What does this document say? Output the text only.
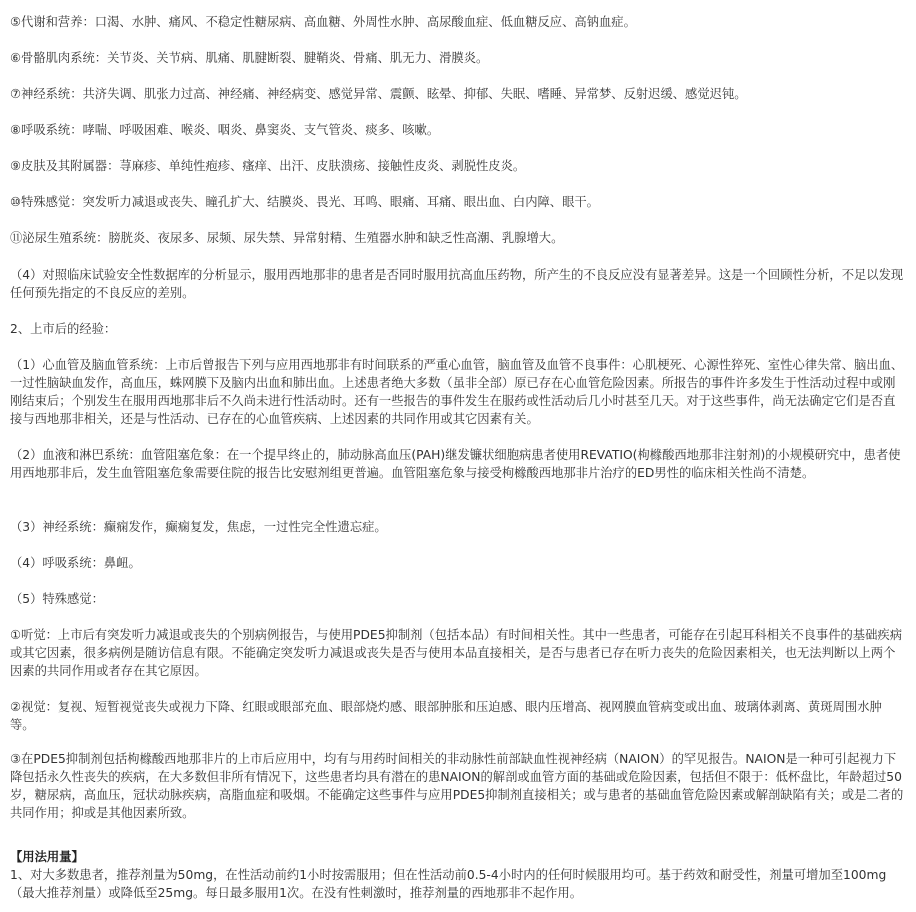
⑤代谢和营养：口渴、水肿、痛风、不稳定性糖尿病、高血糖、外周性水肿、高尿酸血症、低血糖反应、高钠血症。

⑥骨骼肌肉系统：关节炎、关节病、肌痛、肌腱断裂、腱鞘炎、骨痛、肌无力、滑膜炎。

⑦神经系统：共济失调、肌张力过高、神经痛、神经病变、感觉异常、震颤、眩晕、抑郁、失眠、嗜睡、异常梦、反射迟缓、感觉迟钝。

⑧呼吸系统：哮喘、呼吸困难、喉炎、咽炎、鼻窦炎、支气管炎、痰多、咳嗽。

⑨皮肤及其附属器：荨麻疹、单纯性疱疹、瘙痒、出汗、皮肤溃疡、接触性皮炎、剥脱性皮炎。

⑩特殊感觉：突发听力减退或丧失、瞳孔扩大、结膜炎、畏光、耳鸣、眼痛、耳痛、眼出血、白内障、眼干。

⑪泌尿生殖系统：膀胱炎、夜尿多、尿频、尿失禁、异常射精、生殖器水肿和缺乏性高潮、乳腺增大。

（4）对照临床试验安全性数据库的分析显示，服用西地那非的患者是否同时服用抗高血压药物，所产生的不良反应没有显著差异。这是一个回顾性分析，不足以发现任何预先指定的不良反应的差别。

2、上市后的经验：

（1）心血管及脑血管系统：上市后曾报告下列与应用西地那非有时间联系的严重心血管，脑血管及血管不良事件：心肌梗死、心源性猝死、室性心律失常、脑出血、一过性脑缺血发作，高血压，蛛网膜下及脑内出血和肺出血。上述患者绝大多数（虽非全部）原已存在心血管危险因素。所报告的事件许多发生于性活动过程中或刚刚结束后；个别发生在服用西地那非后不久尚未进行性活动时。还有一些报告的事件发生在服药或性活动后几小时甚至几天。对于这些事件，尚无法确定它们是否直接与西地那非相关，还是与性活动、已存在的心血管疾病、上述因素的共同作用或其它因素有关。

（2）血液和淋巴系统：血管阻塞危象：在一个提早终止的，肺动脉高血压(PAH)继发镰状细胞病患者使用REVATIO(枸橼酸西地那非注射剂)的小规模研究中，患者使用西地那非后，发生血管阻塞危象需要住院的报告比安慰剂组更普遍。血管阻塞危象与接受枸橼酸西地那非片治疗的ED男性的临床相关性尚不清楚。

（3）神经系统：癫痫发作，癫痫复发，焦虑，一过性完全性遗忘症。

（4）呼吸系统：鼻衄。

（5）特殊感觉：

①听觉：上市后有突发听力减退或丧失的个别病例报告，与使用PDE5抑制剂（包括本品）有时间相关性。其中一些患者，可能存在引起耳科相关不良事件的基础疾病或其它因素，很多病例是随访信息有限。不能确定突发听力减退或丧失是否与使用本品直接相关，是否与患者已存在听力丧失的危险因素相关，也无法判断以上两个因素的共同作用或者存在其它原因。

②视觉：复视、短暂视觉丧失或视力下降、红眼或眼部充血、眼部烧灼感、眼部肿胀和压迫感、眼内压增高、视网膜血管病变或出血、玻璃体剥离、黄斑周围水肿等。

③在PDE5抑制剂包括枸橼酸西地那非片的上市后应用中，均有与用药时间相关的非动脉性前部缺血性视神经病（NAION）的罕见报告。NAION是一种可引起视力下降包括永久性丧失的疾病，在大多数但非所有情况下，这些患者均具有潜在的患NAION的解剖或血管方面的基础或危险因素，包括但不限于：低杯盘比，年龄超过50岁，糖尿病，高血压，冠状动脉疾病，高脂血症和吸烟。不能确定这些事件与应用PDE5抑制剂直接相关；或与患者的基础血管危险因素或解剖缺陷有关；或是二者的共同作用；抑或是其他因素所致。

【用法用量】

1、对大多数患者，推荐剂量为50mg，在性活动前约1小时按需服用；但在性活动前0.5-4小时内的任何时候服用均可。基于药效和耐受性，剂量可增加至100mg（最大推荐剂量）或降低至25mg。每日最多服用1次。在没有性刺激时，推荐剂量的西地那非不起作用。
